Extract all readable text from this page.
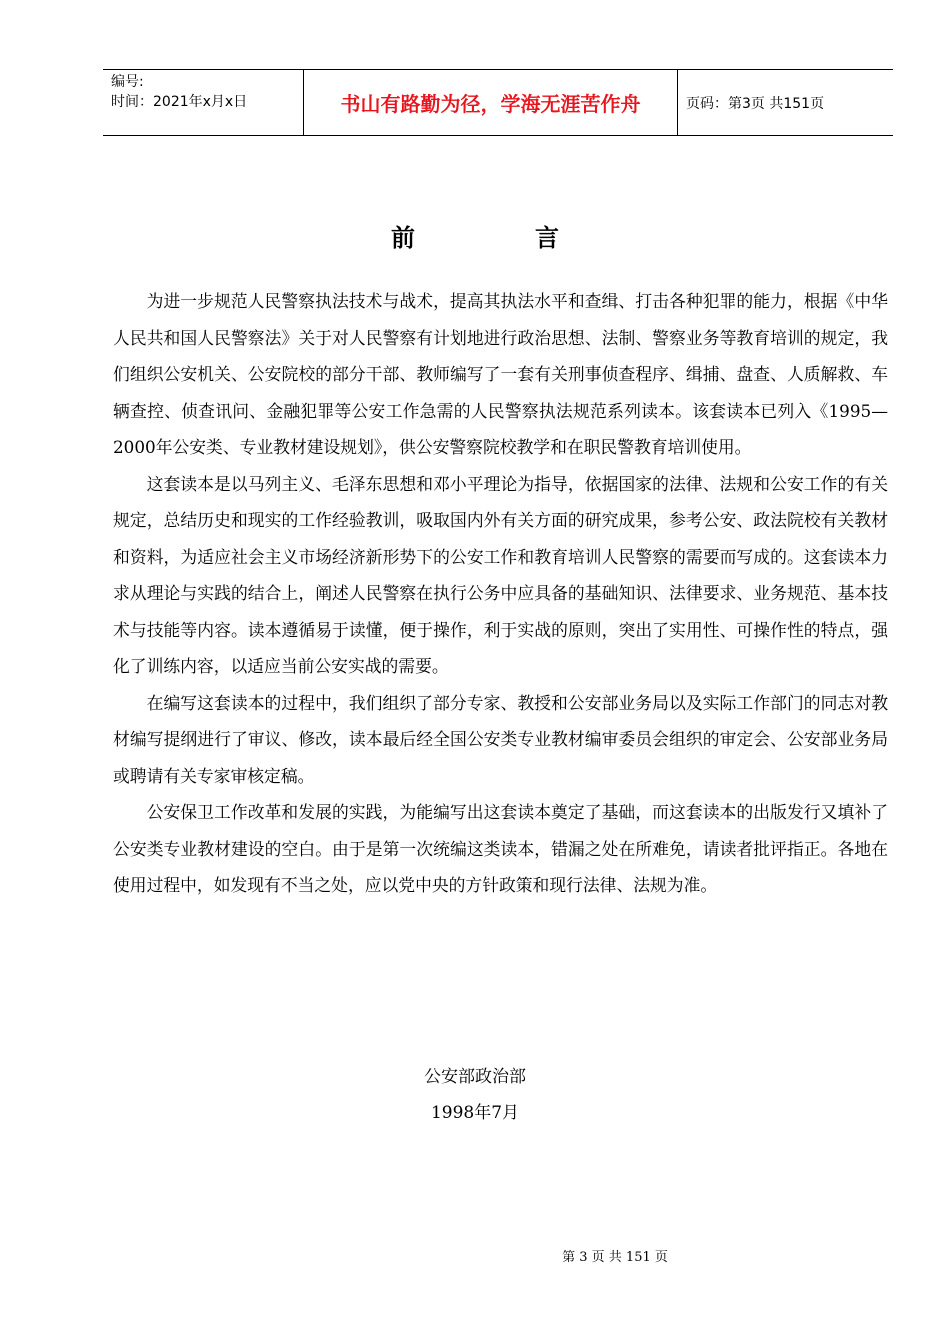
编号:
时间：2021年x月x日	书山有路勤为径，学海无涯苦作舟	页码：第3页 共151页
前	言

为进一步规范人民警察执法技术与战术，提高其执法水平和查缉、打击各种犯罪的能力，根据《中华人民共和国人民警察法》关于对人民警察有计划地进行政治思想、法制、警察业务等教育培训的规定，我们组织公安机关、公安院校的部分干部、教师编写了一套有关刑事侦查程序、缉捕、盘查、人质解救、车辆查控、侦查讯问、金融犯罪等公安工作急需的人民警察执法规范系列读本。该套读本已列入《1995—2000年公安类、专业教材建设规划》，供公安警察院校教学和在职民警教育培训使用。

这套读本是以马列主义、毛泽东思想和邓小平理论为指导，依据国家的法律、法规和公安工作的有关规定，总结历史和现实的工作经验教训，吸取国内外有关方面的研究成果，参考公安、政法院校有关教材和资料，为适应社会主义市场经济新形势下的公安工作和教育培训人民警察的需要而写成的。这套读本力求从理论与实践的结合上，阐述人民警察在执行公务中应具备的基础知识、法律要求、业务规范、基本技术与技能等内容。读本遵循易于读懂，便于操作，利于实战的原则，突出了实用性、可操作性的特点，强化了训练内容，以适应当前公安实战的需要。

在编写这套读本的过程中，我们组织了部分专家、教授和公安部业务局以及实际工作部门的同志对教材编写提纲进行了审议、修改，读本最后经全国公安类专业教材编审委员会组织的审定会、公安部业务局或聘请有关专家审核定稿。

公安保卫工作改革和发展的实践，为能编写出这套读本奠定了基础，而这套读本的出版发行又填补了公安类专业教材建设的空白。由于是第一次统编这类读本，错漏之处在所难免，请读者批评指正。各地在使用过程中，如发现有不当之处，应以党中央的方针政策和现行法律、法规为准。

公安部政治部
1998年7月
第 3 页 共 151 页
